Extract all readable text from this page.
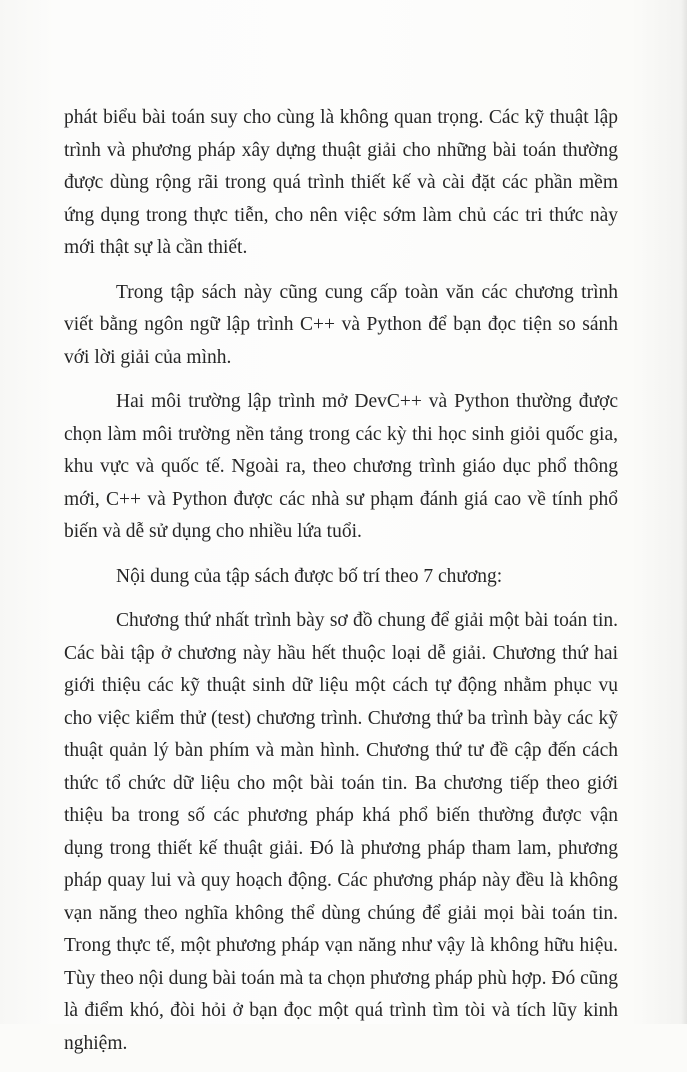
phát biểu bài toán suy cho cùng là không quan trọng. Các kỹ thuật lập trình và phương pháp xây dựng thuật giải cho những bài toán thường được dùng rộng rãi trong quá trình thiết kế và cài đặt các phần mềm ứng dụng trong thực tiễn, cho nên việc sớm làm chủ các tri thức này mới thật sự là cần thiết.

Trong tập sách này cũng cung cấp toàn văn các chương trình viết bằng ngôn ngữ lập trình C++ và Python để bạn đọc tiện so sánh với lời giải của mình.

Hai môi trường lập trình mở DevC++ và Python thường được chọn làm môi trường nền tảng trong các kỳ thi học sinh giỏi quốc gia, khu vực và quốc tế. Ngoài ra, theo chương trình giáo dục phổ thông mới, C++ và Python được các nhà sư phạm đánh giá cao về tính phổ biến và dễ sử dụng cho nhiều lứa tuổi.

Nội dung của tập sách được bố trí theo 7 chương:

Chương thứ nhất trình bày sơ đồ chung để giải một bài toán tin. Các bài tập ở chương này hầu hết thuộc loại dễ giải. Chương thứ hai giới thiệu các kỹ thuật sinh dữ liệu một cách tự động nhằm phục vụ cho việc kiểm thử (test) chương trình. Chương thứ ba trình bày các kỹ thuật quản lý bàn phím và màn hình. Chương thứ tư đề cập đến cách thức tổ chức dữ liệu cho một bài toán tin. Ba chương tiếp theo giới thiệu ba trong số các phương pháp khá phổ biến thường được vận dụng trong thiết kế thuật giải. Đó là phương pháp tham lam, phương pháp quay lui và quy hoạch động. Các phương pháp này đều là không vạn năng theo nghĩa không thể dùng chúng để giải mọi bài toán tin. Trong thực tế, một phương pháp vạn năng như vậy là không hữu hiệu. Tùy theo nội dung bài toán mà ta chọn phương pháp phù hợp. Đó cũng là điểm khó, đòi hỏi ở bạn đọc một quá trình tìm tòi và tích lũy kinh nghiệm.
